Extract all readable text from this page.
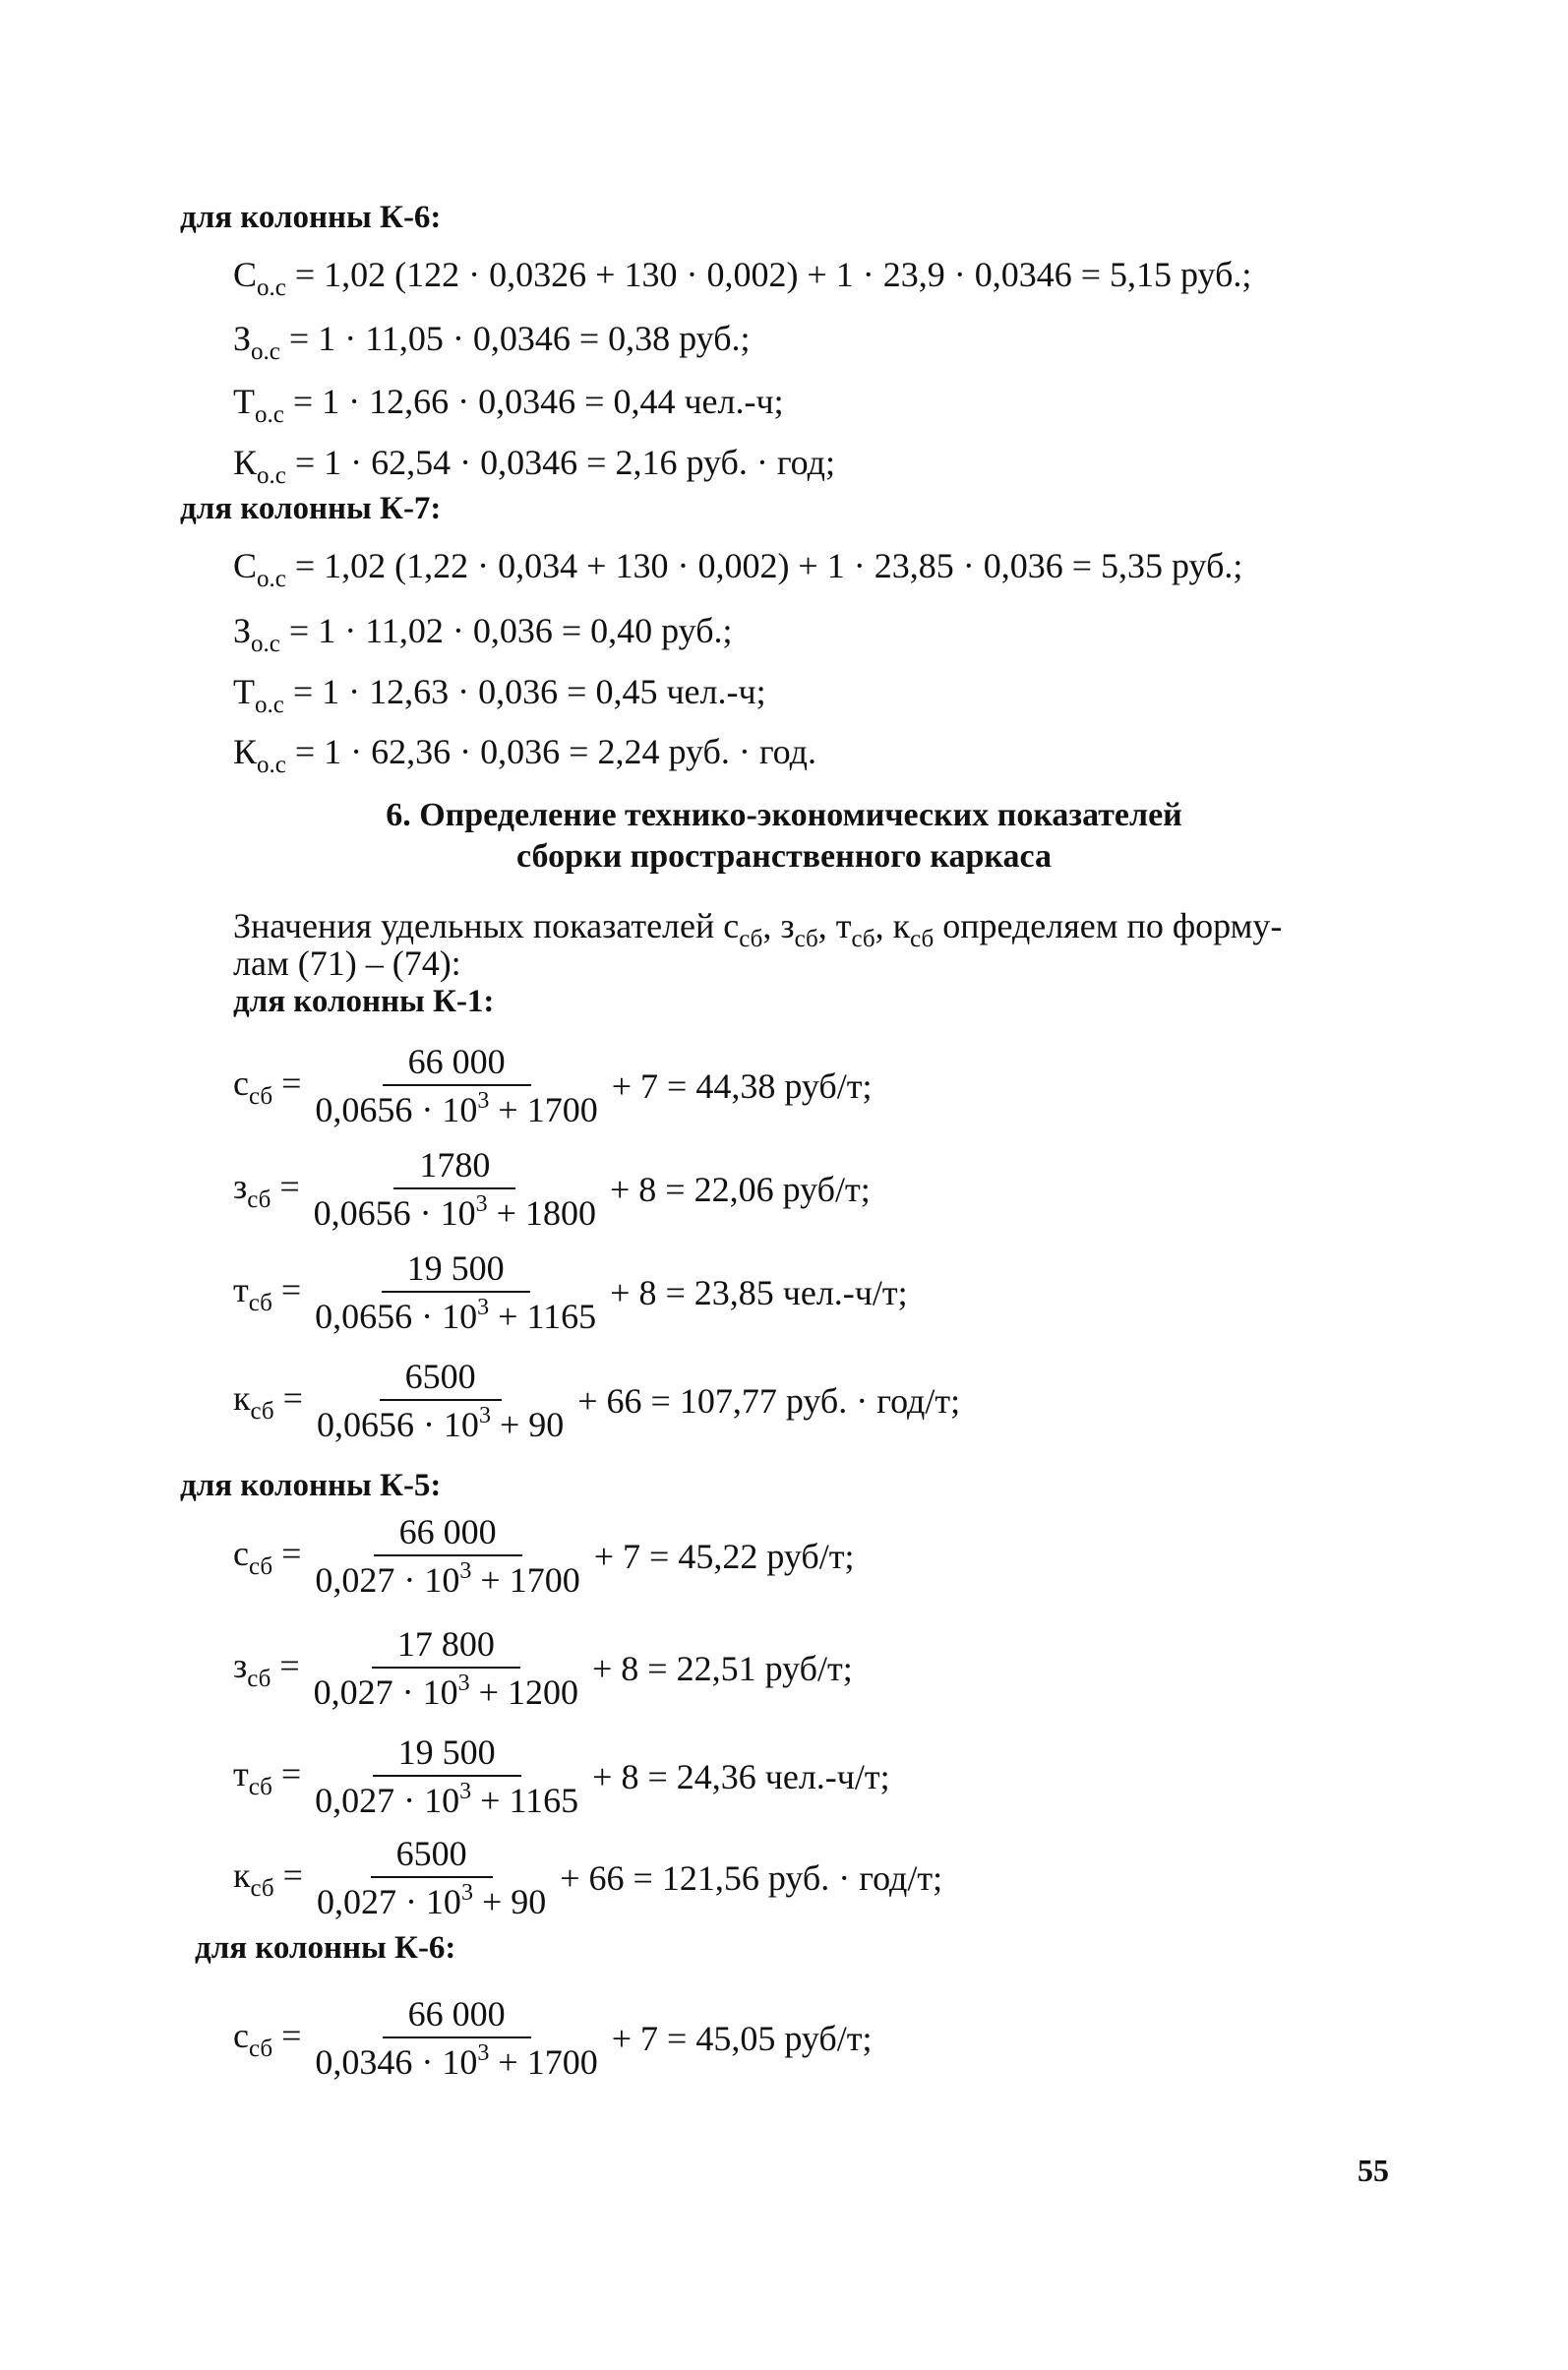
для колонны К-6:
$С_{о.с} = 1,02$ (122 · 0,0326 + 130 · 0,002) + 1 · 23,9 · 0,0346 = 5,15 руб.;
$З_{о.с} = 1 \cdot 11,05 \cdot 0,0346 = 0,38$ руб.;
$Т_{о.с} = 1 \cdot 12,66 \cdot 0,0346 = 0,44$ чел.-ч;
$К_{о.с} = 1 \cdot 62,54 \cdot 0,0346 = 2,16$ руб. · год;
для колонны К-7:
$С_{о.с} = 1,02$ (1,22 · 0,034 + 130 · 0,002) + 1 · 23,85 · 0,036 = 5,35 руб.;
$З_{о.с} = 1 \cdot 11,02 \cdot 0,036 = 0,40$ руб.;
$Т_{о.с} = 1 \cdot 12,63 \cdot 0,036 = 0,45$ чел.-ч;
$К_{о.с} = 1 \cdot 62,36 \cdot 0,036 = 2,24$ руб. · год.
6. Определение технико-экономических показателей
сборки пространственного каркаса
Значения удельных показателей $с_{сб}$, $з_{сб}$, $т_{сб}$, $к_{сб}$ определяем по форму-
лам (71) – (74):
для колонны К-1:
$с_{сб} = \frac{66 000}{0,0656 \cdot 10^3 + 1700} + 7 = 44,38$ руб/т;
$з_{сб} = \frac{1780}{0,0656 \cdot 10^3 + 1800} + 8 = 22,06$ руб/т;
$т_{сб} = \frac{19 500}{0,0656 \cdot 10^3 + 1165} + 8 = 23,85$ чел.-ч/т;
$к_{сб} = \frac{6500}{0,0656 \cdot 10^3 + 90} + 66 = 107,77$ руб. · год/т;
для колонны К-5:
$с_{сб} = \frac{66 000}{0,027 \cdot 10^3 + 1700} + 7 = 45,22$ руб/т;
$з_{сб} = \frac{17 800}{0,027 \cdot 10^3 + 1200} + 8 = 22,51$ руб/т;
$т_{сб} = \frac{19 500}{0,027 \cdot 10^3 + 1165} + 8 = 24,36$ чел.-ч/т;
$к_{сб} = \frac{6500}{0,027 \cdot 10^3 + 90} + 66 = 121,56$ руб. · год/т;
для колонны К-6:
$с_{сб} = \frac{66 000}{0,0346 \cdot 10^3 + 1700} + 7 = 45,05$ руб/т;
55
